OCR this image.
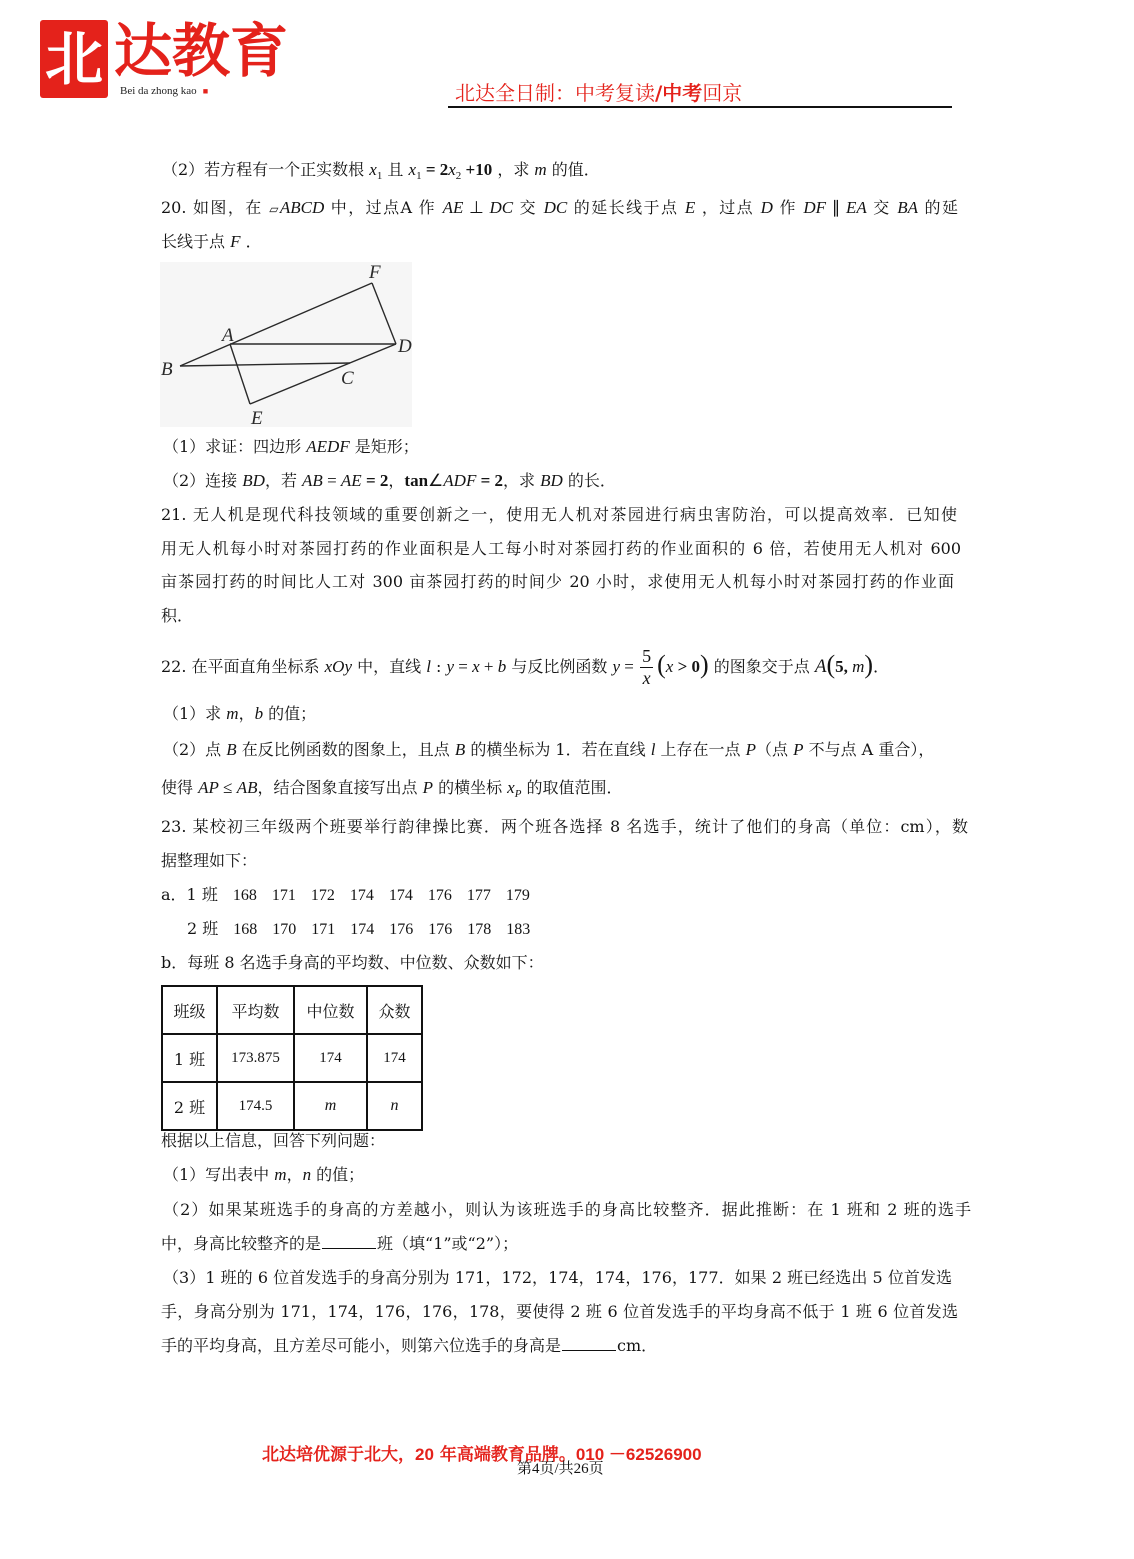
北 达教育
Bei da zhong kao ■	北达全日制：中考复读/中考回京
（2）若方程有一个正实数根 $x_1$ 且 $x_1 = 2x_2 +10$ ，求 m 的值．
20. 如图，在 ▱ABCD 中，过点A 作 AE ⊥ DC 交 DC 的延长线于点 E ，过点 D 作 DF ∥ EA 交 BA 的延
长线于点 F ．
F
A
D
B	C
E
（1）求证：四边形 AEDF 是矩形；
（2）连接 BD，若 AB = AE = 2，tan∠ADF = 2，求 BD 的长．
21. 无人机是现代科技领域的重要创新之一，使用无人机对茶园进行病虫害防治，可以提高效率．已知使
用无人机每小时对茶园打药的作业面积是人工每小时对茶园打药的作业面积的 6 倍，若使用无人机对 600
亩茶园打药的时间比人工对 300 亩茶园打药的时间少 20 小时，求使用无人机每小时对茶园打药的作业面
积．
22. 在平面直角坐标系 xOy 中，直线 l : y = x + b 与反比例函数 $y = \frac{5}{x} (x > 0)$ 的图象交于点 A(5, m)．
（1）求 m，b 的值；
（2）点 B 在反比例函数的图象上，且点 B 的横坐标为 1．若在直线 l 上存在一点 P（点 P 不与点 A 重合），
使得 AP ≤ AB，结合图象直接写出点 P 的横坐标 $x_P$ 的取值范围．
23. 某校初三年级两个班要举行韵律操比赛．两个班各选择 8 名选手，统计了他们的身高（单位：cm），数
据整理如下：
a．1 班 168 171 172 174 174 176 177 179
2 班 168 170 171 174 176 176 178 183
b．每班 8 名选手身高的平均数、中位数、众数如下：
班级	平均数	中位数	众数
1 班	173.875	174	174
2 班	174.5	m	n
根据以上信息，回答下列问题：
（1）写出表中 m，n 的值；
（2）如果某班选手的身高的方差越小，则认为该班选手的身高比较整齐．据此推断：在 1 班和 2 班的选手
中，身高比较整齐的是	班（填“1”或“2”）；
（3）1 班的 6 位首发选手的身高分别为 171，172，174，174，176，177．如果 2 班已经选出 5 位首发选
手，身高分别为 171，174，176，176，178，要使得 2 班 6 位首发选手的平均身高不低于 1 班 6 位首发选
手的平均身高，且方差尽可能小，则第六位选手的身高是	cm．
北达培优源于北大，20 年高端教育品牌。010 －62526900
第4页/共26页
